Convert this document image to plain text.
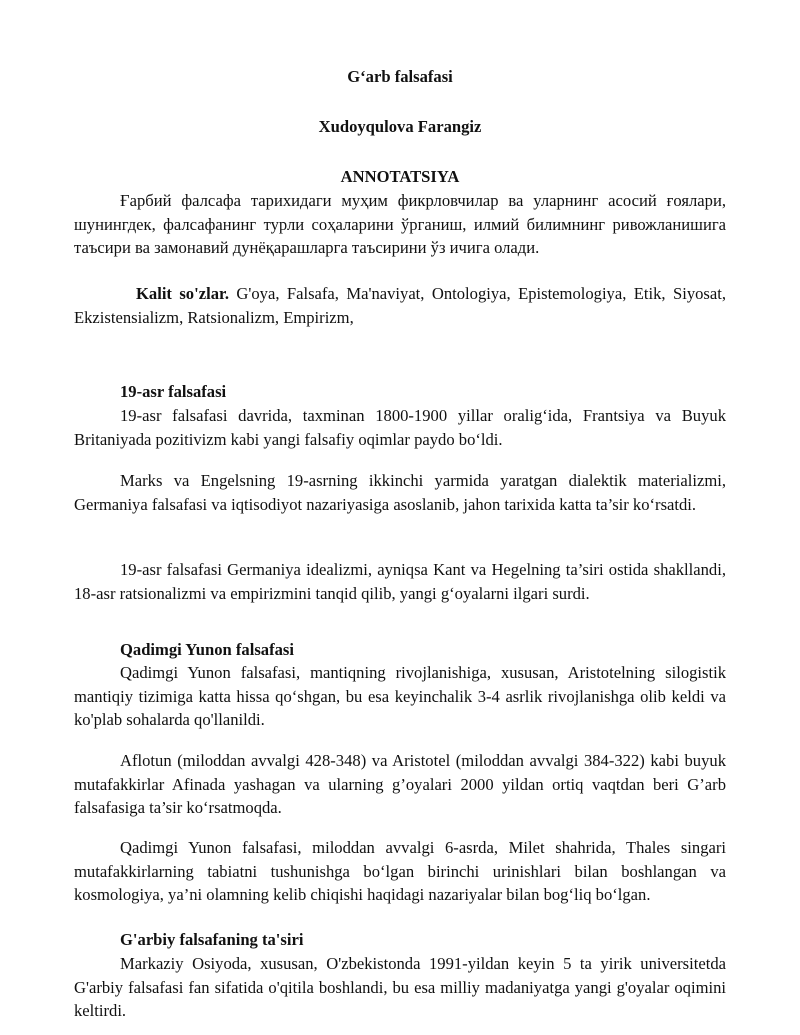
G‘arb falsafasi
Xudoyqulova Farangiz
ANNOTATSIYA

Ғарбий фалсафа тарихидаги муҳим фикрловчилар ва уларнинг асосий ғоялари, шунингдек, фалсафанинг турли соҳаларини ўрганиш, илмий билимнинг ривожланишига таъсири ва замонавий дунёқарашларга таъсирини ўз ичига олади.

Kalit so'zlar. G'oya, Falsafa, Ma'naviyat, Ontologiya, Epistemologiya, Etik, Siyosat, Ekzistensializm, Ratsionalizm, Empirizm,

19-asr falsafasi

19-asr falsafasi davrida, taxminan 1800-1900 yillar oralig‘ida, Frantsiya va Buyuk Britaniyada pozitivizm kabi yangi falsafiy oqimlar paydo bo‘ldi.

Marks va Engelsning 19-asrning ikkinchi yarmida yaratgan dialektik materializmi, Germaniya falsafasi va iqtisodiyot nazariyasiga asoslanib, jahon tarixida katta ta’sir ko‘rsatdi.

19-asr falsafasi Germaniya idealizmi, ayniqsa Kant va Hegelning ta’siri ostida shakllandi, 18-asr ratsionalizmi va empirizmini tanqid qilib, yangi g‘oyalarni ilgari surdi.

Qadimgi Yunon falsafasi

Qadimgi Yunon falsafasi, mantiqning rivojlanishiga, xususan, Aristotelning silogistik mantiqiy tizimiga katta hissa qo‘shgan, bu esa keyinchalik 3-4 asrlik rivojlanishga olib keldi va ko'plab sohalarda qo'llanildi.

Aflotun (miloddan avvalgi 428-348) va Aristotel (miloddan avvalgi 384-322) kabi buyuk mutafakkirlar Afinada yashagan va ularning g’oyalari 2000 yildan ortiq vaqtdan beri G’arb falsafasiga ta’sir ko‘rsatmoqda.

Qadimgi Yunon falsafasi, miloddan avvalgi 6-asrda, Milet shahrida, Thales singari mutafakkirlarning tabiatni tushunishga bo‘lgan birinchi urinishlari bilan boshlangan va kosmologiya, ya’ni olamning kelib chiqishi haqidagi nazariyalar bilan bog‘liq bo‘lgan.

G'arbiy falsafaning ta'siri

Markaziy Osiyoda, xususan, O'zbekistonda 1991-yildan keyin 5 ta yirik universitetda G'arbiy falsafasi fan sifatida o'qitila boshlandi, bu esa milliy madaniyatga yangi g'oyalar oqimini keltirdi.
